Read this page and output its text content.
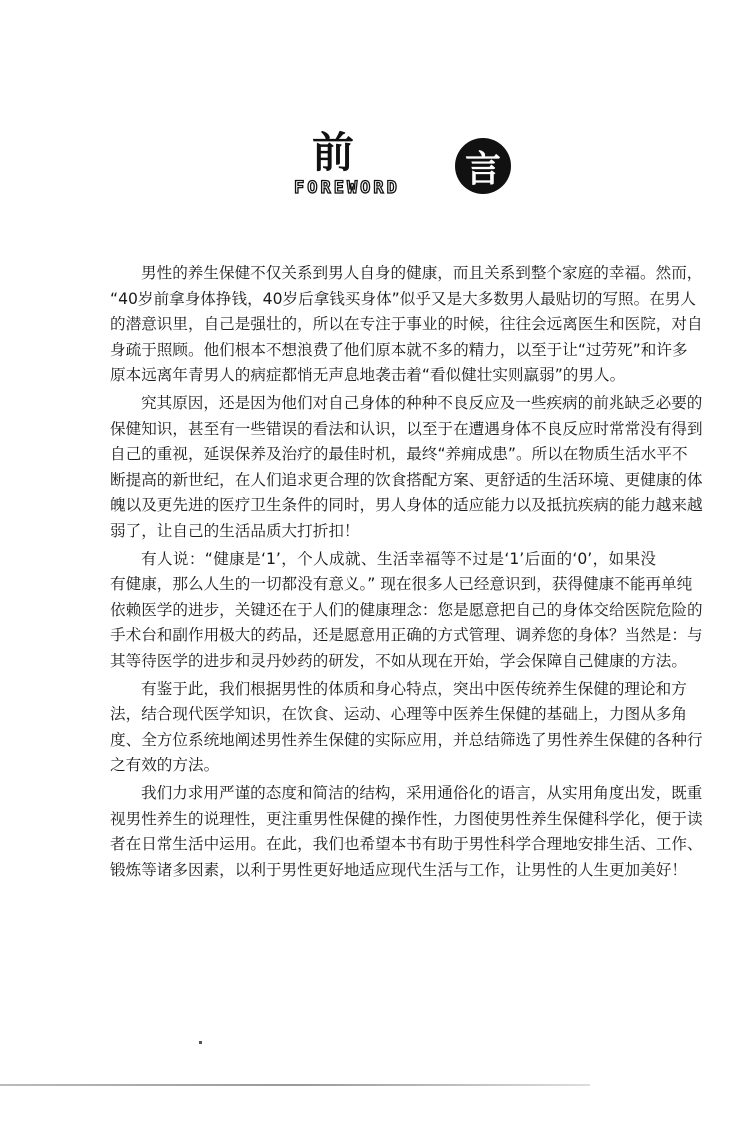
前	言
FOREWORD
男性的养生保健不仅关系到男人自身的健康，而且关系到整个家庭的幸福。然而，
“40岁前拿身体挣钱，40岁后拿钱买身体”似乎又是大多数男人最贴切的写照。在男人
的潜意识里，自己是强壮的，所以在专注于事业的时候，往往会远离医生和医院，对自
身疏于照顾。他们根本不想浪费了他们原本就不多的精力，以至于让“过劳死”和许多
原本远离年青男人的病症都悄无声息地袭击着“看似健壮实则羸弱”的男人。
究其原因，还是因为他们对自己身体的种种不良反应及一些疾病的前兆缺乏必要的
保健知识，甚至有一些错误的看法和认识，以至于在遭遇身体不良反应时常常没有得到
自己的重视，延误保养及治疗的最佳时机，最终“养痈成患”。所以在物质生活水平不
断提高的新世纪，在人们追求更合理的饮食搭配方案、更舒适的生活环境、更健康的体
魄以及更先进的医疗卫生条件的同时，男人身体的适应能力以及抵抗疾病的能力越来越
弱了，让自己的生活品质大打折扣！
有人说：“健康是‘1’，个人成就、生活幸福等不过是‘1’后面的‘0’，如果没
有健康，那么人生的一切都没有意义。” 现在很多人已经意识到，获得健康不能再单纯
依赖医学的进步，关键还在于人们的健康理念：您是愿意把自己的身体交给医院危险的
手术台和副作用极大的药品，还是愿意用正确的方式管理、调养您的身体？当然是：与
其等待医学的进步和灵丹妙药的研发，不如从现在开始，学会保障自己健康的方法。
有鉴于此，我们根据男性的体质和身心特点，突出中医传统养生保健的理论和方
法，结合现代医学知识，在饮食、运动、心理等中医养生保健的基础上，力图从多角
度、全方位系统地阐述男性养生保健的实际应用，并总结筛选了男性养生保健的各种行
之有效的方法。
我们力求用严谨的态度和简洁的结构，采用通俗化的语言，从实用角度出发，既重
视男性养生的说理性，更注重男性保健的操作性，力图使男性养生保健科学化，便于读
者在日常生活中运用。在此，我们也希望本书有助于男性科学合理地安排生活、工作、
锻炼等诸多因素，以利于男性更好地适应现代生活与工作，让男性的人生更加美好！
